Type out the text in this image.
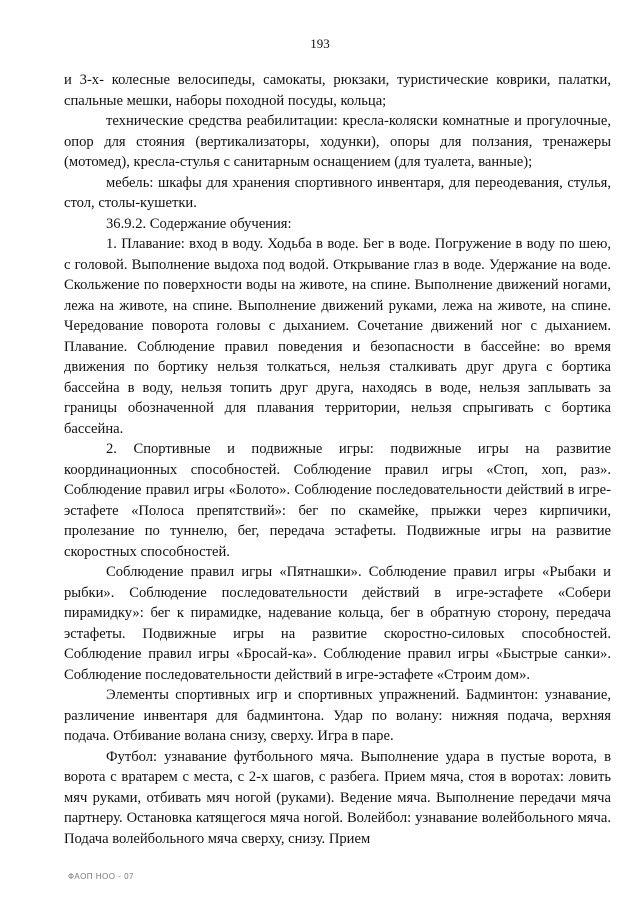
193

и 3-х- колесные велосипеды, самокаты, рюкзаки, туристические коврики, палатки, спальные мешки, наборы походной посуды, кольца;

технические средства реабилитации: кресла-коляски комнатные и прогулочные, опор для стояния (вертикализаторы, ходунки), опоры для ползания, тренажеры (мотомед), кресла-стулья с санитарным оснащением (для туалета, ванные);

мебель: шкафы для хранения спортивного инвентаря, для переодевания, стулья, стол, столы-кушетки.

36.9.2. Содержание обучения:

1. Плавание: вход в воду. Ходьба в воде. Бег в воде. Погружение в воду по шею, с головой. Выполнение выдоха под водой. Открывание глаз в воде. Удержание на воде. Скольжение по поверхности воды на животе, на спине. Выполнение движений ногами, лежа на животе, на спине. Выполнение движений руками, лежа на животе, на спине. Чередование поворота головы с дыханием. Сочетание движений ног с дыханием. Плавание. Соблюдение правил поведения и безопасности в бассейне: во время движения по бортику нельзя толкаться, нельзя сталкивать друг друга с бортика бассейна в воду, нельзя топить друг друга, находясь в воде, нельзя заплывать за границы обозначенной для плавания территории, нельзя спрыгивать с бортика бассейна.

2. Спортивные и подвижные игры: подвижные игры на развитие координационных способностей. Соблюдение правил игры «Стоп, хоп, раз». Соблюдение правил игры «Болото». Соблюдение последовательности действий в игре-эстафете «Полоса препятствий»: бег по скамейке, прыжки через кирпичики, пролезание по туннелю, бег, передача эстафеты. Подвижные игры на развитие скоростных способностей.

Соблюдение правил игры «Пятнашки». Соблюдение правил игры «Рыбаки и рыбки». Соблюдение последовательности действий в игре-эстафете «Собери пирамидку»: бег к пирамидке, надевание кольца, бег в обратную сторону, передача эстафеты. Подвижные игры на развитие скоростно-силовых способностей. Соблюдение правил игры «Бросай-ка». Соблюдение правил игры «Быстрые санки». Соблюдение последовательности действий в игре-эстафете «Строим дом».

Элементы спортивных игр и спортивных упражнений. Бадминтон: узнавание, различение инвентаря для бадминтона. Удар по волану: нижняя подача, верхняя подача. Отбивание волана снизу, сверху. Игра в паре.

Футбол: узнавание футбольного мяча. Выполнение удара в пустые ворота, в ворота с вратарем с места, с 2-х шагов, с разбега. Прием мяча, стоя в воротах: ловить мяч руками, отбивать мяч ногой (руками). Ведение мяча. Выполнение передачи мяча партнеру. Остановка катящегося мяча ногой. Волейбол: узнавание волейбольного мяча. Подача волейбольного мяча сверху, снизу. Прием

ФАОП НОО - 07
